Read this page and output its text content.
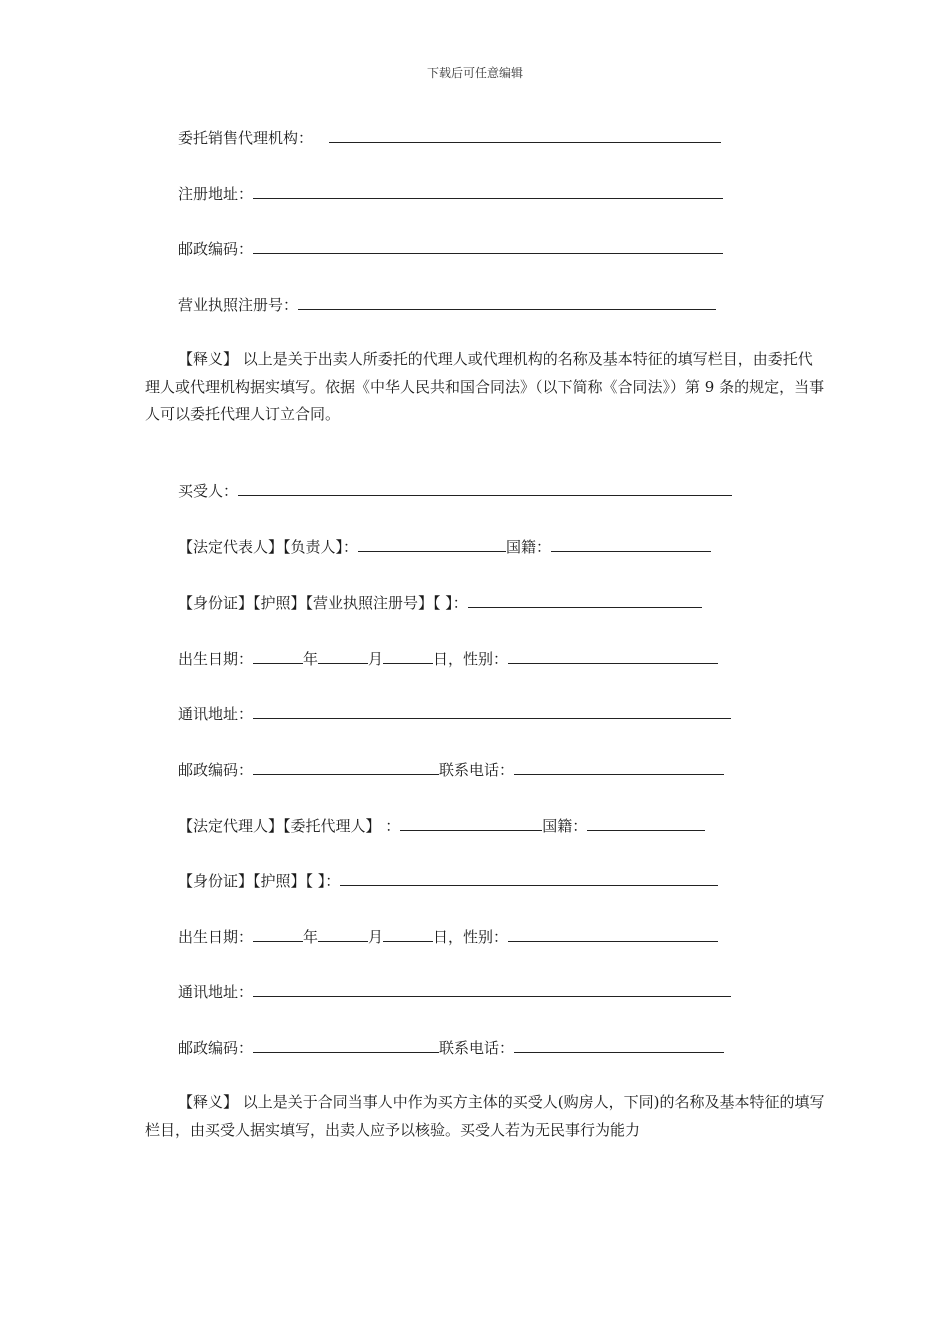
下载后可任意编辑
委托销售代理机构：
注册地址：
邮政编码：
营业执照注册号：
【释义】 以上是关于出卖人所委托的代理人或代理机构的名称及基本特征的填写栏目，由委托代理人或代理机构据实填写。依据《中华人民共和国合同法》（以下简称《合同法》）第 9 条的规定，当事人可以委托代理人订立合同。
买受人：
【法定代表人】【负责人】：	国籍：
【身份证】【护照】【营业执照注册号】【 】：
出生日期：	年	月	日，性别：
通讯地址：
邮政编码：	联系电话：
【法定代理人】【委托代理人】 ：	国籍：
【身份证】【护照】【 】：
出生日期：	年	月	日，性别：
通讯地址：
邮政编码：	联系电话：
【释义】 以上是关于合同当事人中作为买方主体的买受人(购房人，下同)的名称及基本特征的填写栏目，由买受人据实填写，出卖人应予以核验。买受人若为无民事行为能力
